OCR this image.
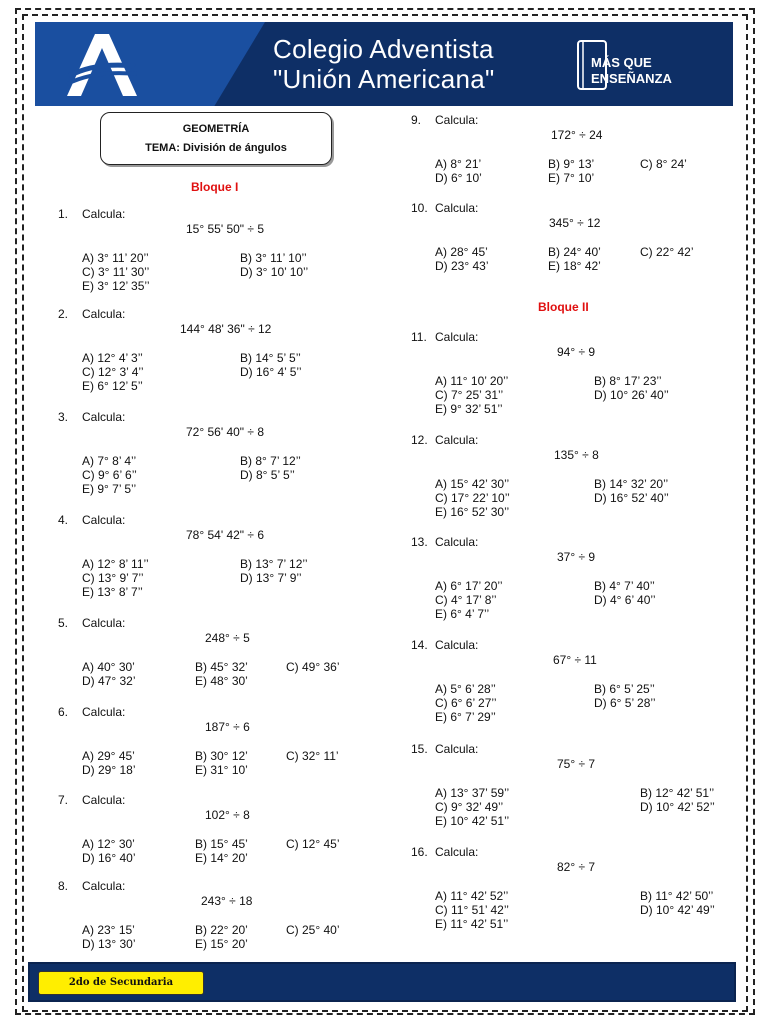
Colegio Adventista
"Unión Americana"
MÁS QUE
ENSEÑANZA
GEOMETRÍA
TEMA: División de ángulos
Bloque I
Bloque II
1.	Calcula:
15° 55' 50" ÷ 5
A) 3° 11’ 20’’	B) 3° 11’ 10’’
C) 3° 11’ 30’’	D) 3° 10’ 10’’
E) 3° 12’ 35’’
2.	Calcula:
144° 48' 36" ÷ 12
A) 12° 4’ 3’’	B) 14° 5’ 5’’
C) 12° 3’ 4’’	D) 16° 4’ 5’’
E) 6° 12’ 5’’
3.	Calcula:
72° 56' 40" ÷ 8
A) 7° 8’ 4’’	B) 8° 7’ 12’’
C) 9° 6’ 6’’	D) 8° 5’ 5’’
E) 9° 7’ 5’’
4.	Calcula:
78° 54' 42" ÷ 6
A) 12° 8’ 11’’	B) 13° 7’ 12’’
C) 13° 9’ 7’’	D) 13° 7’ 9’’
E) 13° 8’ 7’’
5.	Calcula:
248° ÷ 5
A) 40° 30’	B) 45° 32’	C) 49° 36’
D) 47° 32’	E) 48° 30’
6.	Calcula:
187° ÷ 6
A) 29° 45’	B) 30° 12’	C) 32° 11’
D) 29° 18’	E) 31° 10’
7.	Calcula:
102° ÷ 8
A) 12° 30’	B) 15° 45’	C) 12° 45’
D) 16° 40’	E) 14° 20’
8.	Calcula:
243° ÷ 18
A) 23° 15’	B) 22° 20’	C) 25° 40’
D) 13° 30’	E) 15° 20’
9.	Calcula:
172° ÷ 24
A) 8° 21’	B) 9° 13’	C) 8° 24’
D) 6° 10’	E) 7° 10’
10. Calcula:
345° ÷ 12
A) 28° 45’	B) 24° 40’	C) 22° 42’
D) 23° 43’	E) 18° 42’
11. Calcula:
94° ÷ 9
A) 11° 10’ 20’’	B) 8° 17’ 23’’
C) 7° 25’ 31’’	D) 10° 26’ 40’’
E) 9° 32’ 51’’
12. Calcula:
135° ÷ 8
A) 15° 42’ 30’’	B) 14° 32’ 20’’
C) 17° 22’ 10’’	D) 16° 52’ 40’’
E) 16° 52’ 30’’
13. Calcula:
37° ÷ 9
A) 6° 17’ 20’’	B) 4° 7’ 40’’
C) 4° 17’ 8’’	D) 4° 6’ 40’’
E) 6° 4’ 7’’
14. Calcula:
67° ÷ 11
A) 5° 6’ 28’’	B) 6° 5’ 25’’
C) 6° 6’ 27’’	D) 6° 5’ 28’’
E) 6° 7’ 29’’
15. Calcula:
75° ÷ 7
A) 13° 37’ 59’’	B) 12° 42’ 51’’
C) 9° 32’ 49’’	D) 10° 42’ 52’’
E) 10° 42’ 51’’
16. Calcula:
82° ÷ 7
A) 11° 42’ 52’’	B) 11° 42’ 50’’
C) 11° 51’ 42’’	D) 10° 42’ 49’’
E) 11° 42’ 51’’
2do de Secundaria
